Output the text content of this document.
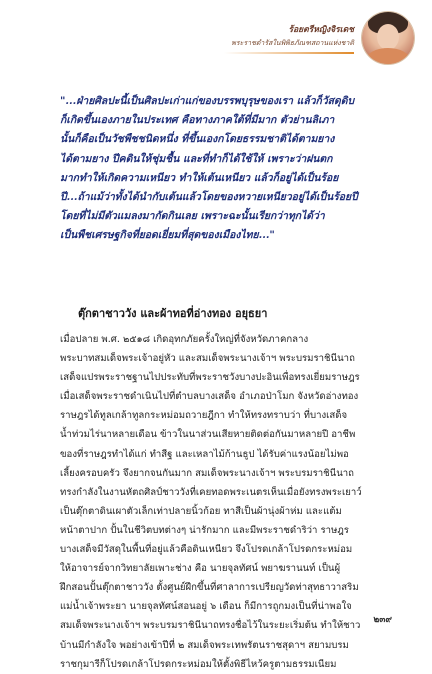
ร้อยตรีหญิงจิรเดช
พระราชดำรัสในพิพิธภัณฑสถานแห่งชาติ
"...ฝ่ายศิลปะนี้เป็นศิลปะเก่าแก่ของบรรพบุรุษของเรา แล้วก็วัสดุดิบ
ก็เกิดขึ้นเองภายในประเทศ คือทางภาคใต้ที่มีมาก ตัวย่านลิเภา
นั้นก็คือเป็นวัชพืชชนิดหนึ่ง ที่ขึ้นเองกโดยธรรมชาติได้ตามยาง
ได้ตามยาง ปีคดินให้ชุ่มชื้น และที่ทำก็ได้ใช้ให้ เพราะว่าฝนตก
มากทำให้เกิดความเหนียว ทำให้เต้นเหนียว แล้วก็อยู่ได้เป็นร้อย
ปี...ถ้าแม้ว่าทั้งได้นำกับเต้นแล้วโดยของหวายเหนียวอยู่ได้เป็นร้อยปี
โดยที่ไม่มีตัวแมลงมากัดกินเลย เพราะฉะนั้นเรียกว่าทุกได้ว่า
เป็นพืชเศรษฐกิจที่ยอดเยี่ยมที่สุดของเมืองไทย..."
ตุ๊กตาชาววัง และผ้าทอที่อ่างทอง อยุธยา
เมื่อปลาย พ.ศ. ๒๕๑๘ เกิดอุทกภัยครั้งใหญ่ที่จังหวัดภาคกลาง
พระบาทสมเด็จพระเจ้าอยู่หัว และสมเด็จพระนางเจ้าฯ พระบรมราชินีนาถ
เสด็จแปรพระราชฐานไปประทับที่พระราชวังบางปะอินเพื่อทรงเยี่ยมราษฎร
เมื่อเสด็จพระราชดำเนินไปที่ตำบลบางเสด็จ อำเภอป่าโมก จังหวัดอ่างทอง
ราษฎรได้ทูลเกล้าทูลกระหม่อมถวายฎีกา ทำให้ทรงทราบว่า ที่บางเสด็จ
น้ำท่วมไร่นาหลายเดือน ข้าวในนาส่วนเสียหายติดต่อกันมาหลายปี อาชีพ
ของที่ราษฎรทำได้แก่ ทำสีฐ และเหลาไม้ก้านธูป ได้รับค่าแรงน้อยไม่พอ
เลี้ยงครอบครัว จึงยากจนกันมาก สมเด็จพระนางเจ้าฯ พระบรมราชินีนาถ
ทรงกำลังในงานหัตถศิลป์ชาววังที่เคยทอดพระเนตรเห็นเมื่อยังทรงพระเยาว์
เป็นตุ๊กตาดินเผาตัวเล็กเท่าปลายนิ้วก้อย ทาสีเป็นผ้านุ่งผ้าห่ม และแต้ม
หน้าตาปาก ปั้นในชีวิตบทต่างๆ น่ารักมาก และมีพระราชดำริว่า ราษฎร
บางเสด็จมีวัสดุในพื้นที่อยู่แล้วคือดินเหนียว จึงโปรดเกล้าโปรดกระหม่อม
ให้อาจารย์จากวิทยาลัยเพาะช่าง คือ นายจุลทัศน์ พยาฆรานนท์ เป็นผู้
ฝึกสอนปั้นตุ๊กตาชาววัง ตั้งศูนย์ฝึกขึ้นที่ศาลาการเปรียญวัดท่าสุทธาวาสริม
แม่น้ำเจ้าพระยา นายจุลทัศน์สอนอยู่ ๖ เดือน ก็มีการถูกมงเป็นที่น่าพอใจ
สมเด็จพระนางเจ้าฯ พระบรมราชินีนาถทรงชื่อไว้ในระยะเริ่มต้น ทำให้ชาว
บ้านมีกำลังใจ พอย่างเข้าปีที่ ๒ สมเด็จพระเทพรัตนราชสุดาฯ สยามบรม
ราชกุมารีก็โปรดเกล้าโปรดกระหม่อมให้ตั้งพิธีไหว้ครูตามธรรมเนียม
๒๓๙
